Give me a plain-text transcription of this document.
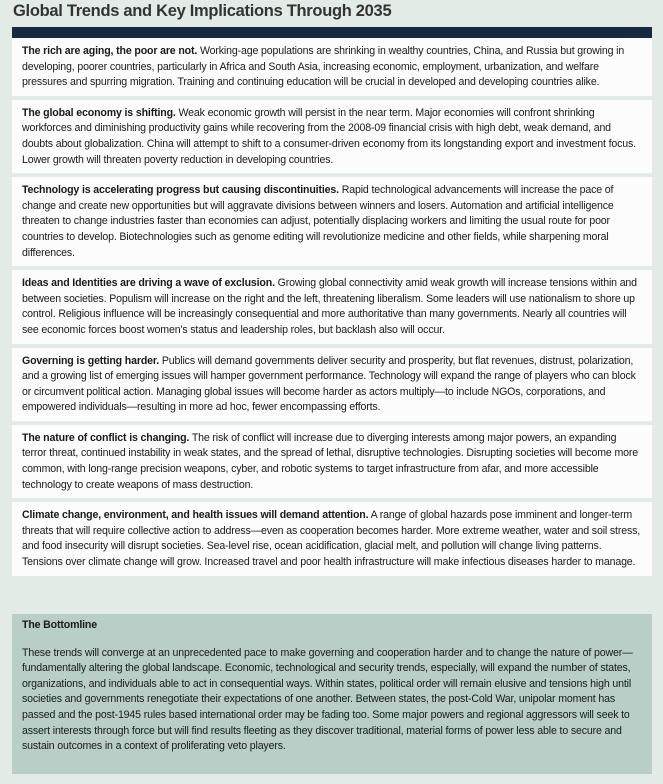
Global Trends and Key Implications Through 2035
The rich are aging, the poor are not. Working-age populations are shrinking in wealthy countries, China, and Russia but growing in developing, poorer countries, particularly in Africa and South Asia, increasing economic, employment, urbanization, and welfare pressures and spurring migration. Training and continuing education will be crucial in developed and developing countries alike.
The global economy is shifting. Weak economic growth will persist in the near term. Major economies will confront shrinking workforces and diminishing productivity gains while recovering from the 2008-09 financial crisis with high debt, weak demand, and doubts about globalization. China will attempt to shift to a consumer-driven economy from its longstanding export and investment focus. Lower growth will threaten poverty reduction in developing countries.
Technology is accelerating progress but causing discontinuities. Rapid technological advancements will increase the pace of change and create new opportunities but will aggravate divisions between winners and losers. Automation and artificial intelligence threaten to change industries faster than economies can adjust, potentially displacing workers and limiting the usual route for poor countries to develop. Biotechnologies such as genome editing will revolutionize medicine and other fields, while sharpening moral differences.
Ideas and Identities are driving a wave of exclusion. Growing global connectivity amid weak growth will increase tensions within and between societies. Populism will increase on the right and the left, threatening liberalism. Some leaders will use nationalism to shore up control. Religious influence will be increasingly consequential and more authoritative than many governments. Nearly all countries will see economic forces boost women's status and leadership roles, but backlash also will occur.
Governing is getting harder. Publics will demand governments deliver security and prosperity, but flat revenues, distrust, polarization, and a growing list of emerging issues will hamper government performance. Technology will expand the range of players who can block or circumvent political action. Managing global issues will become harder as actors multiply—to include NGOs, corporations, and empowered individuals—resulting in more ad hoc, fewer encompassing efforts.
The nature of conflict is changing. The risk of conflict will increase due to diverging interests among major powers, an expanding terror threat, continued instability in weak states, and the spread of lethal, disruptive technologies. Disrupting societies will become more common, with long-range precision weapons, cyber, and robotic systems to target infrastructure from afar, and more accessible technology to create weapons of mass destruction.
Climate change, environment, and health issues will demand attention. A range of global hazards pose imminent and longer-term threats that will require collective action to address—even as cooperation becomes harder. More extreme weather, water and soil stress, and food insecurity will disrupt societies. Sea-level rise, ocean acidification, glacial melt, and pollution will change living patterns. Tensions over climate change will grow. Increased travel and poor health infrastructure will make infectious diseases harder to manage.
The Bottomline
These trends will converge at an unprecedented pace to make governing and cooperation harder and to change the nature of power—fundamentally altering the global landscape. Economic, technological and security trends, especially, will expand the number of states, organizations, and individuals able to act in consequential ways. Within states, political order will remain elusive and tensions high until societies and governments renegotiate their expectations of one another. Between states, the post-Cold War, unipolar moment has passed and the post-1945 rules based international order may be fading too. Some major powers and regional aggressors will seek to assert interests through force but will find results fleeting as they discover traditional, material forms of power less able to secure and sustain outcomes in a context of proliferating veto players.
